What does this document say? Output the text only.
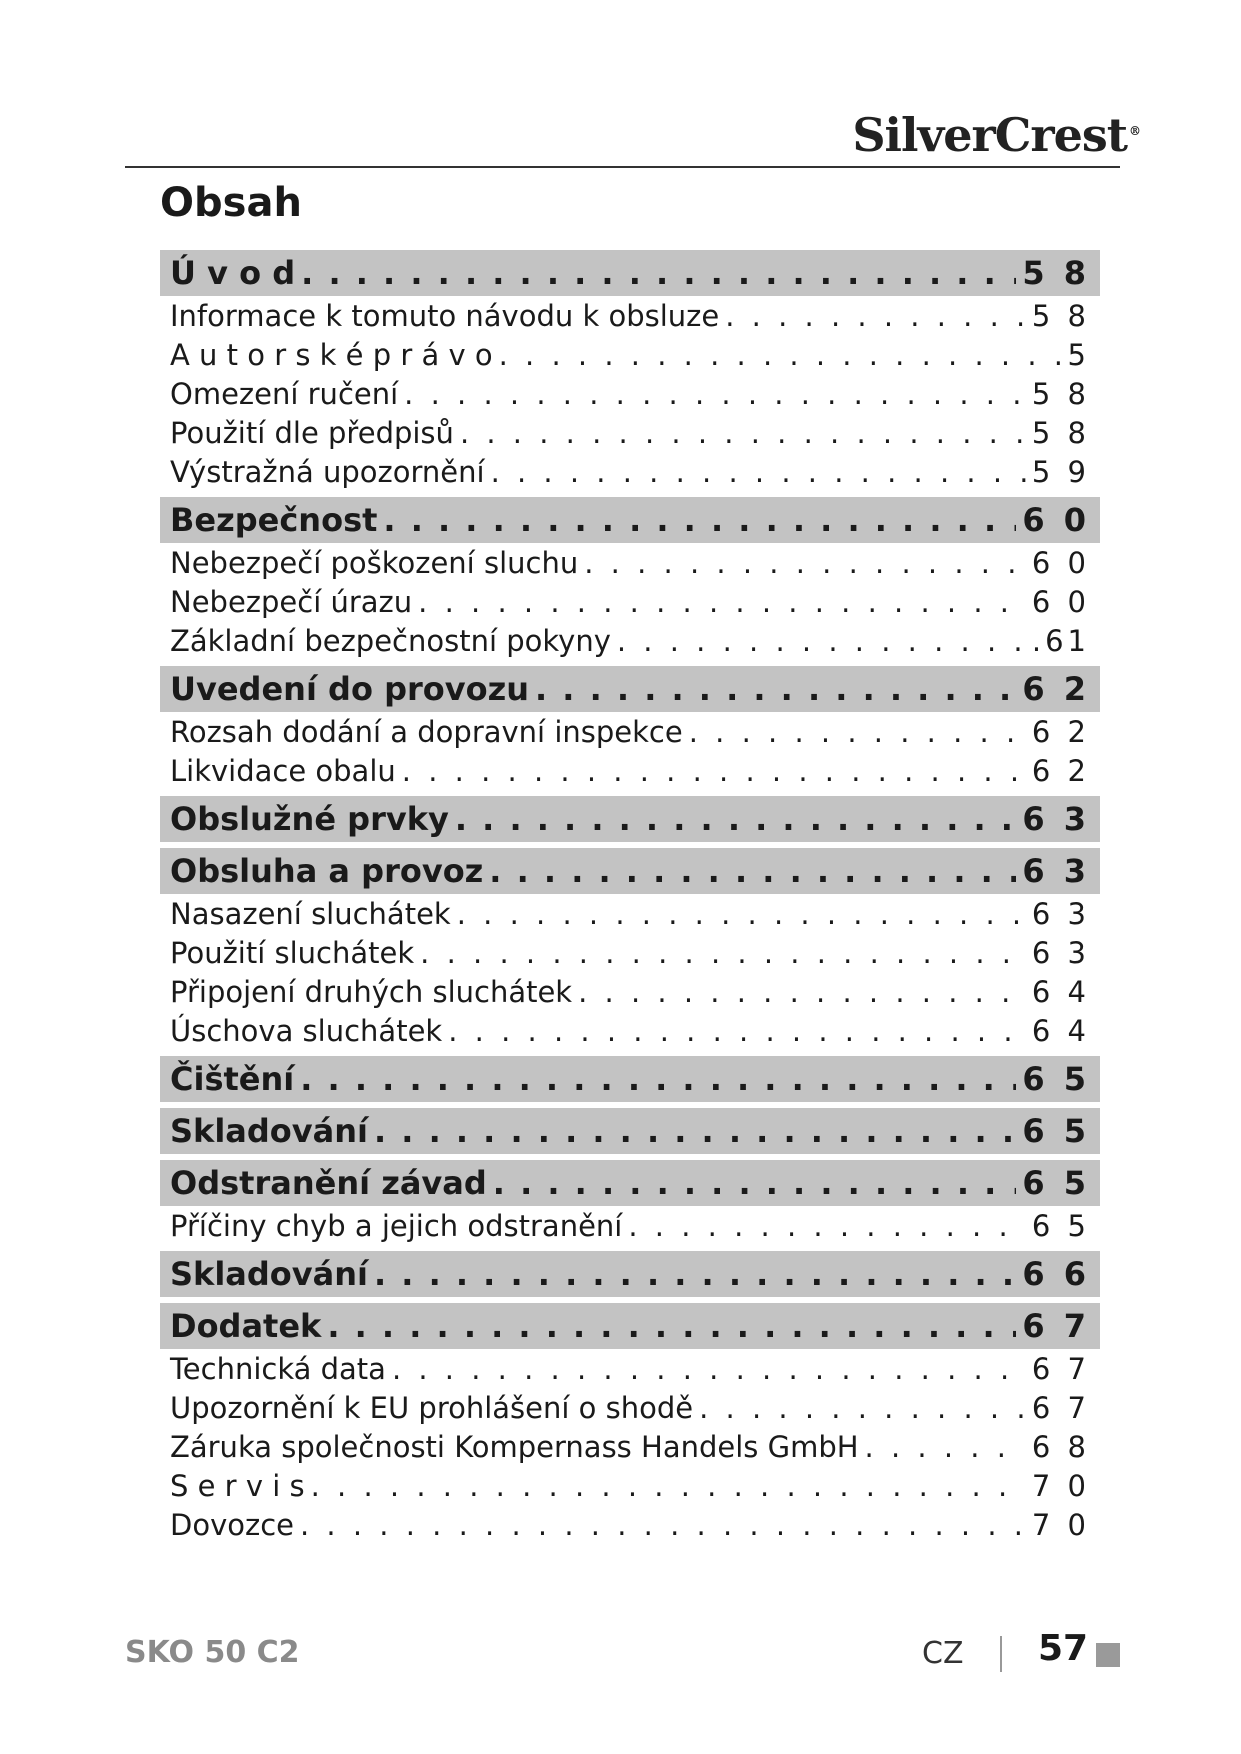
SilverCrest ®
Obsah
Ú v o d . . .	5 8
Informace k tomuto návodu k obsluze . . .	5 8
A u t o r s k é p r á v o . . .	5
Omezení ručení . . .	5 8
Použití dle předpisů . . .	5 8
Výstražná upozornění . . .	5 9
Bezpečnost . . .	6 0
Nebezpečí poškození sluchu . . .	6 0
Nebezpečí úrazu . . .	6 0
Základní bezpečnostní pokyny . . .	.61
Uvedení do provozu . . .	6 2
Rozsah dodání a dopravní inspekce . . .	6 2
Likvidace obalu . . .	6 2
Obslužné prvky . . .	6 3
Obsluha a provoz . . .	6 3
Nasazení sluchátek . . .	6 3
Použití sluchátek . . .	6 3
Připojení druhých sluchátek . . .	6 4
Úschova sluchátek . . .	6 4
Čištění . . .	6 5
Skladování . . .	6 5
Odstranění závad . . .	6 5
Příčiny chyb a jejich odstranění . . .	6 5
Skladování . . .	6 6
Dodatek . . .	6 7
Technická data . . .	6 7
Upozornění k EU prohlášení o shodě . . .	6 7
Záruka společnosti Kompernass Handels GmbH . . .	6 8
S e r v i s . . .	7 0
Dovozce . . .	7 0
SKO 50 C2	CZ 57
